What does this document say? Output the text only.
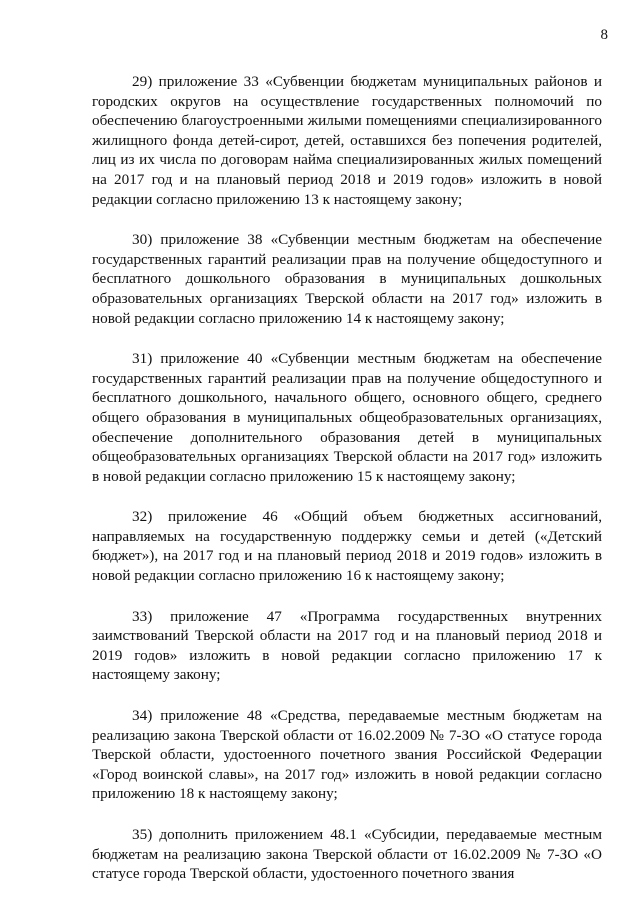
8

29) приложение 33 «Субвенции бюджетам муниципальных районов и городских округов на осуществление государственных полномочий по обеспечению благоустроенными жилыми помещениями специализированного жилищного фонда детей-сирот, детей, оставшихся без попечения родителей, лиц из их числа по договорам найма специализированных жилых помещений на 2017 год и на плановый период 2018 и 2019 годов» изложить в новой редакции согласно приложению 13 к настоящему закону;

30) приложение 38 «Субвенции местным бюджетам на обеспечение государственных гарантий реализации прав на получение общедоступного и бесплатного дошкольного образования в муниципальных дошкольных образовательных организациях Тверской области на 2017 год» изложить в новой редакции согласно приложению 14 к настоящему закону;

31) приложение 40 «Субвенции местным бюджетам на обеспечение государственных гарантий реализации прав на получение общедоступного и бесплатного дошкольного, начального общего, основного общего, среднего общего образования в муниципальных общеобразовательных организациях, обеспечение дополнительного образования детей в муниципальных общеобразовательных организациях Тверской области на 2017 год» изложить в новой редакции согласно приложению 15 к настоящему закону;

32) приложение 46 «Общий объем бюджетных ассигнований, направляемых на государственную поддержку семьи и детей («Детский бюджет»), на 2017 год и на плановый период 2018 и 2019 годов» изложить в новой редакции согласно приложению 16 к настоящему закону;

33) приложение 47 «Программа государственных внутренних заимствований Тверской области на 2017 год и на плановый период 2018 и 2019 годов» изложить в новой редакции согласно приложению 17 к настоящему закону;

34) приложение 48 «Средства, передаваемые местным бюджетам на реализацию закона Тверской области от 16.02.2009 № 7-ЗО «О статусе города Тверской области, удостоенного почетного звания Российской Федерации «Город воинской славы», на 2017 год» изложить в новой редакции согласно приложению 18 к настоящему закону;

35) дополнить приложением 48.1 «Субсидии, передаваемые местным бюджетам на реализацию закона Тверской области от 16.02.2009 № 7-ЗО «О статусе города Тверской области, удостоенного почетного звания
